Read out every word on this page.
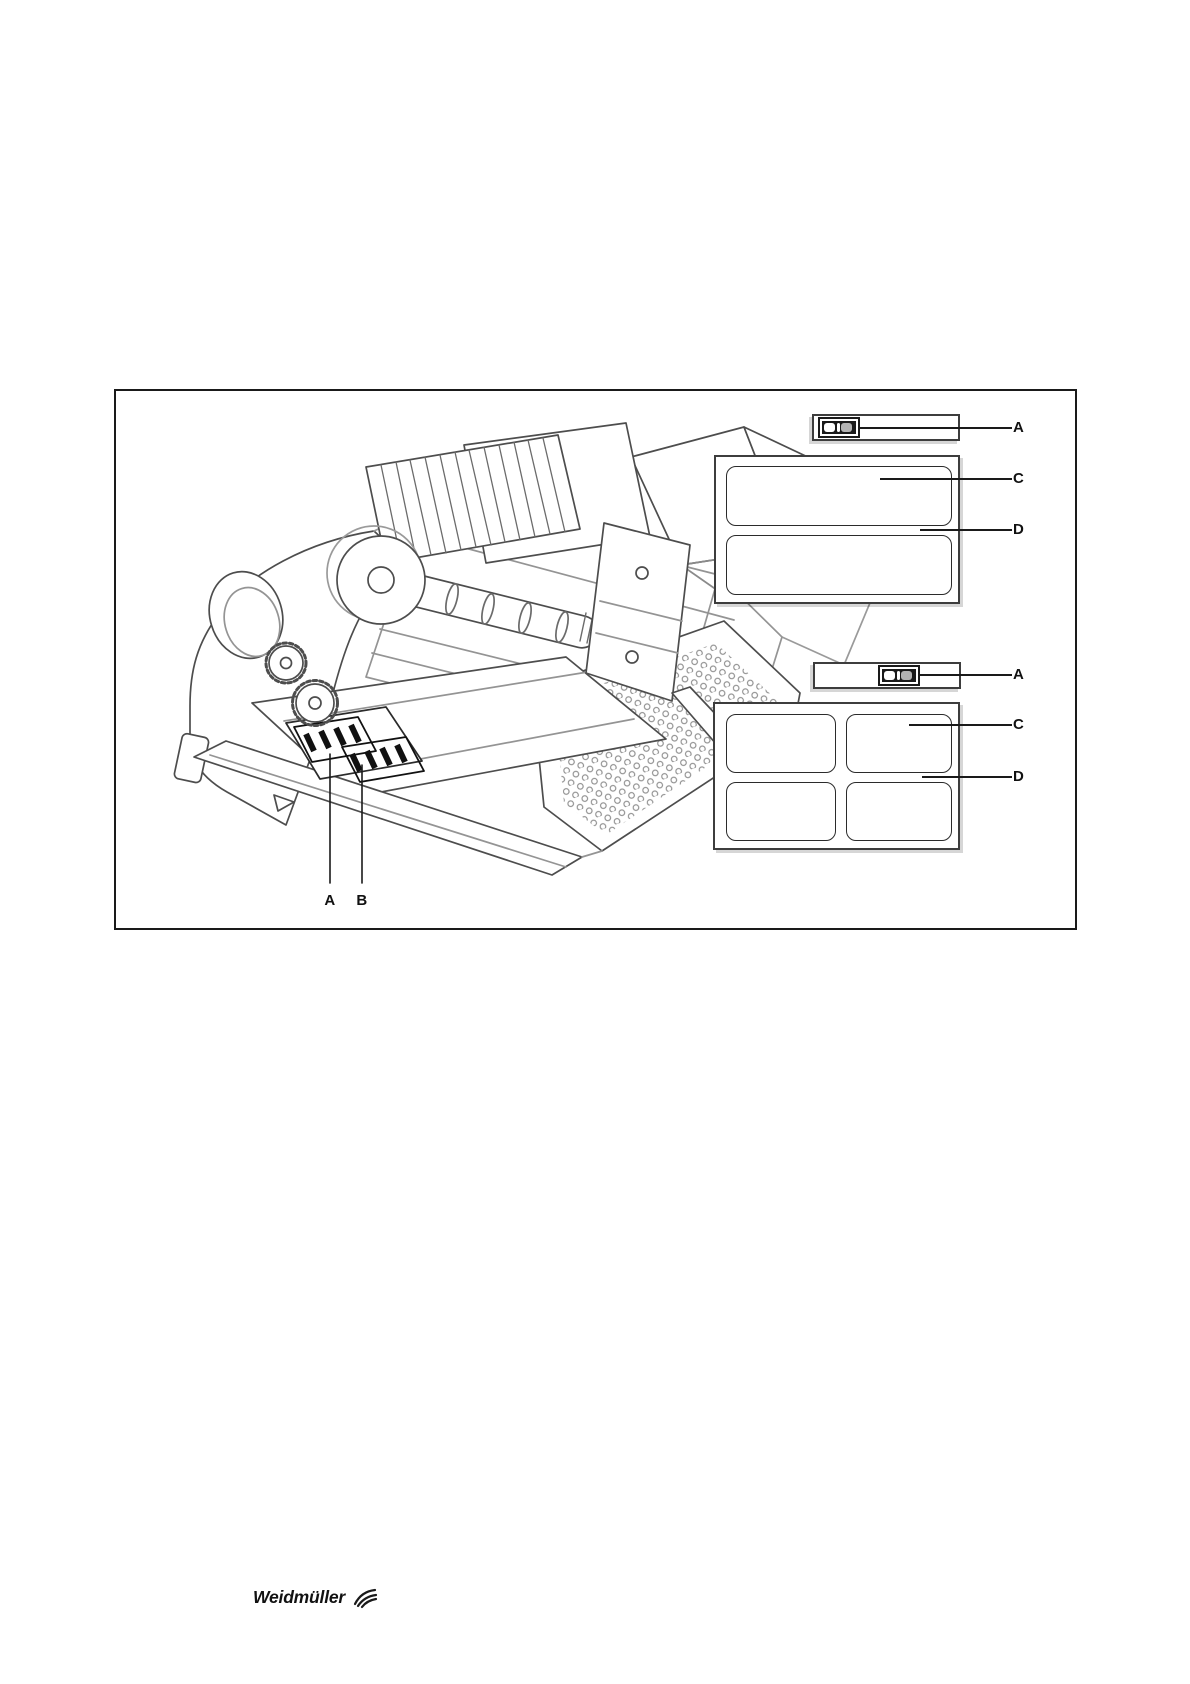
A B
A
C
D
A
C
D
Weidmüller
